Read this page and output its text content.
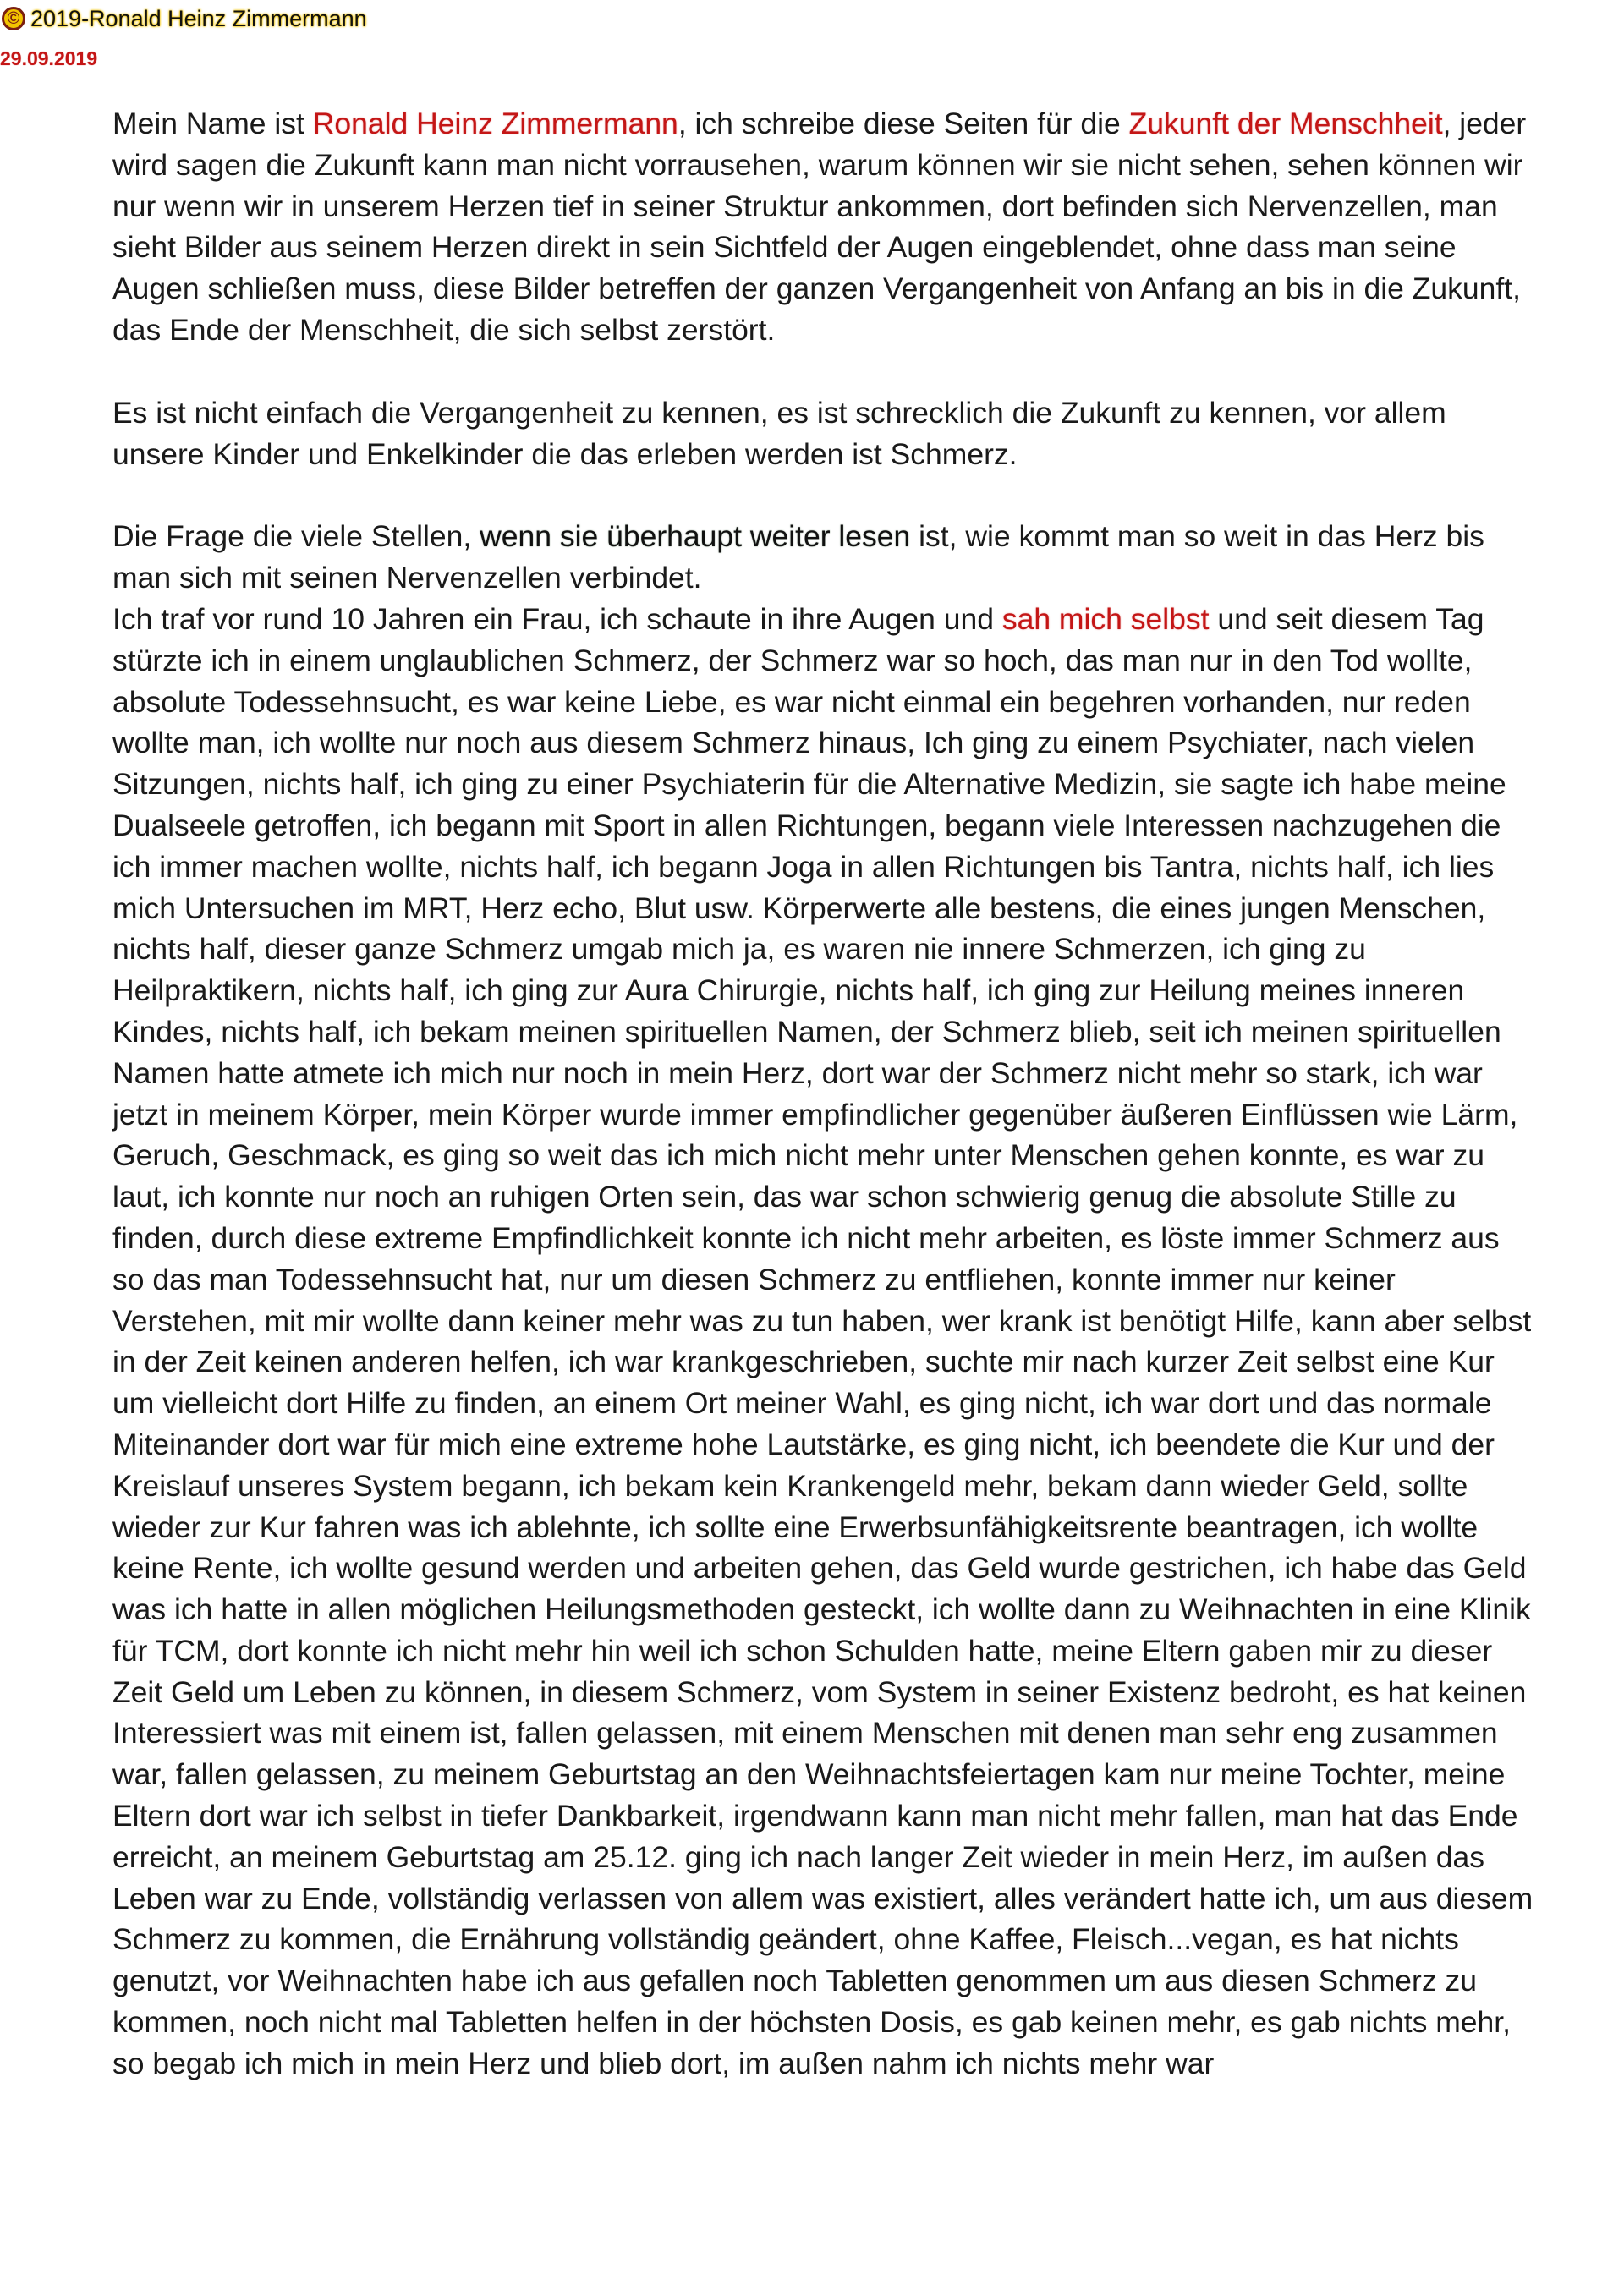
© 2019-Ronald Heinz Zimmermann
29.09.2019

Mein Name ist Ronald Heinz Zimmermann, ich schreibe diese Seiten für die Zukunft der Menschheit, jeder wird sagen die Zukunft kann man nicht vorrausehen, warum können wir sie nicht sehen, sehen können wir nur wenn wir in unserem Herzen tief in seiner Struktur ankommen, dort befinden sich Nervenzellen, man sieht Bilder aus seinem Herzen direkt in sein Sichtfeld der Augen eingeblendet, ohne dass man seine Augen schließen muss, diese Bilder betreffen der ganzen Vergangenheit von Anfang an bis in die Zukunft, das Ende der Menschheit, die sich selbst zerstört.

Es ist nicht einfach die Vergangenheit zu kennen, es ist schrecklich die Zukunft zu kennen, vor allem unsere Kinder und Enkelkinder die das erleben werden ist Schmerz.

Die Frage die viele Stellen, wenn sie überhaupt weiter lesen ist, wie kommt man so weit in das Herz bis man sich mit seinen Nervenzellen verbindet.

Ich traf vor rund 10 Jahren ein Frau, ich schaute in ihre Augen und sah mich selbst und seit diesem Tag stürzte ich in einem unglaublichen Schmerz, der Schmerz war so hoch, das man nur in den Tod wollte, absolute Todessehnsucht, es war keine Liebe, es war nicht einmal ein begehren vorhanden, nur reden wollte man, ich wollte nur noch aus diesem Schmerz hinaus, Ich ging zu einem Psychiater, nach vielen Sitzungen, nichts half, ich ging zu einer Psychiaterin für die Alternative Medizin, sie sagte ich habe meine Dualseele getroffen, ich begann mit Sport in allen Richtungen, begann viele Interessen nachzugehen die ich immer machen wollte, nichts half, ich begann Joga in allen Richtungen bis Tantra, nichts half, ich lies mich Untersuchen im MRT, Herz echo, Blut usw. Körperwerte alle bestens, die eines jungen Menschen, nichts half, dieser ganze Schmerz umgab mich ja, es waren nie innere Schmerzen, ich ging zu Heilpraktikern, nichts half, ich ging zur Aura Chirurgie, nichts half, ich ging zur Heilung meines inneren Kindes, nichts half, ich bekam meinen spirituellen Namen, der Schmerz blieb, seit ich meinen spirituellen Namen hatte atmete ich mich nur noch in mein Herz, dort war der Schmerz nicht mehr so stark, ich war jetzt in meinem Körper, mein Körper wurde immer empfindlicher gegenüber äußeren Einflüssen wie Lärm, Geruch, Geschmack, es ging so weit das ich mich nicht mehr unter Menschen gehen konnte, es war zu laut, ich konnte nur noch an ruhigen Orten sein, das war schon schwierig genug die absolute Stille zu finden, durch diese extreme Empfindlichkeit konnte ich nicht mehr arbeiten, es löste immer Schmerz aus so das man Todessehnsucht hat, nur um diesen Schmerz zu entfliehen, konnte immer nur keiner Verstehen, mit mir wollte dann keiner mehr was zu tun haben, wer krank ist benötigt Hilfe, kann aber selbst in der Zeit keinen anderen helfen, ich war krankgeschrieben, suchte mir nach kurzer Zeit selbst eine Kur um vielleicht dort Hilfe zu finden, an einem Ort meiner Wahl, es ging nicht, ich war dort und das normale Miteinander dort war für mich eine extreme hohe Lautstärke, es ging nicht, ich beendete die Kur und der Kreislauf unseres System begann, ich bekam kein Krankengeld mehr, bekam dann wieder Geld, sollte wieder zur Kur fahren was ich ablehnte, ich sollte eine Erwerbsunfähigkeitsrente beantragen, ich wollte keine Rente, ich wollte gesund werden und arbeiten gehen, das Geld wurde gestrichen, ich habe das Geld was ich hatte in allen möglichen Heilungsmethoden gesteckt, ich wollte dann zu Weihnachten in eine Klinik für TCM, dort konnte ich nicht mehr hin weil ich schon Schulden hatte, meine Eltern gaben mir zu dieser Zeit Geld um Leben zu können, in diesem Schmerz, vom System in seiner Existenz bedroht, es hat keinen Interessiert was mit einem ist, fallen gelassen, mit einem Menschen mit denen man sehr eng zusammen war, fallen gelassen, zu meinem Geburtstag an den Weihnachtsfeiertagen kam nur meine Tochter, meine Eltern dort war ich selbst in tiefer Dankbarkeit, irgendwann kann man nicht mehr fallen, man hat das Ende erreicht, an meinem Geburtstag am 25.12. ging ich nach langer Zeit wieder in mein Herz, im außen das Leben war zu Ende, vollständig verlassen von allem was existiert, alles verändert hatte ich, um aus diesem Schmerz zu kommen, die Ernährung vollständig geändert, ohne Kaffee, Fleisch...vegan, es hat nichts genutzt, vor Weihnachten habe ich aus gefallen noch Tabletten genommen um aus diesen Schmerz zu kommen, noch nicht mal Tabletten helfen in der höchsten Dosis, es gab keinen mehr, es gab nichts mehr, so begab ich mich in mein Herz und blieb dort, im außen nahm ich nichts mehr war
